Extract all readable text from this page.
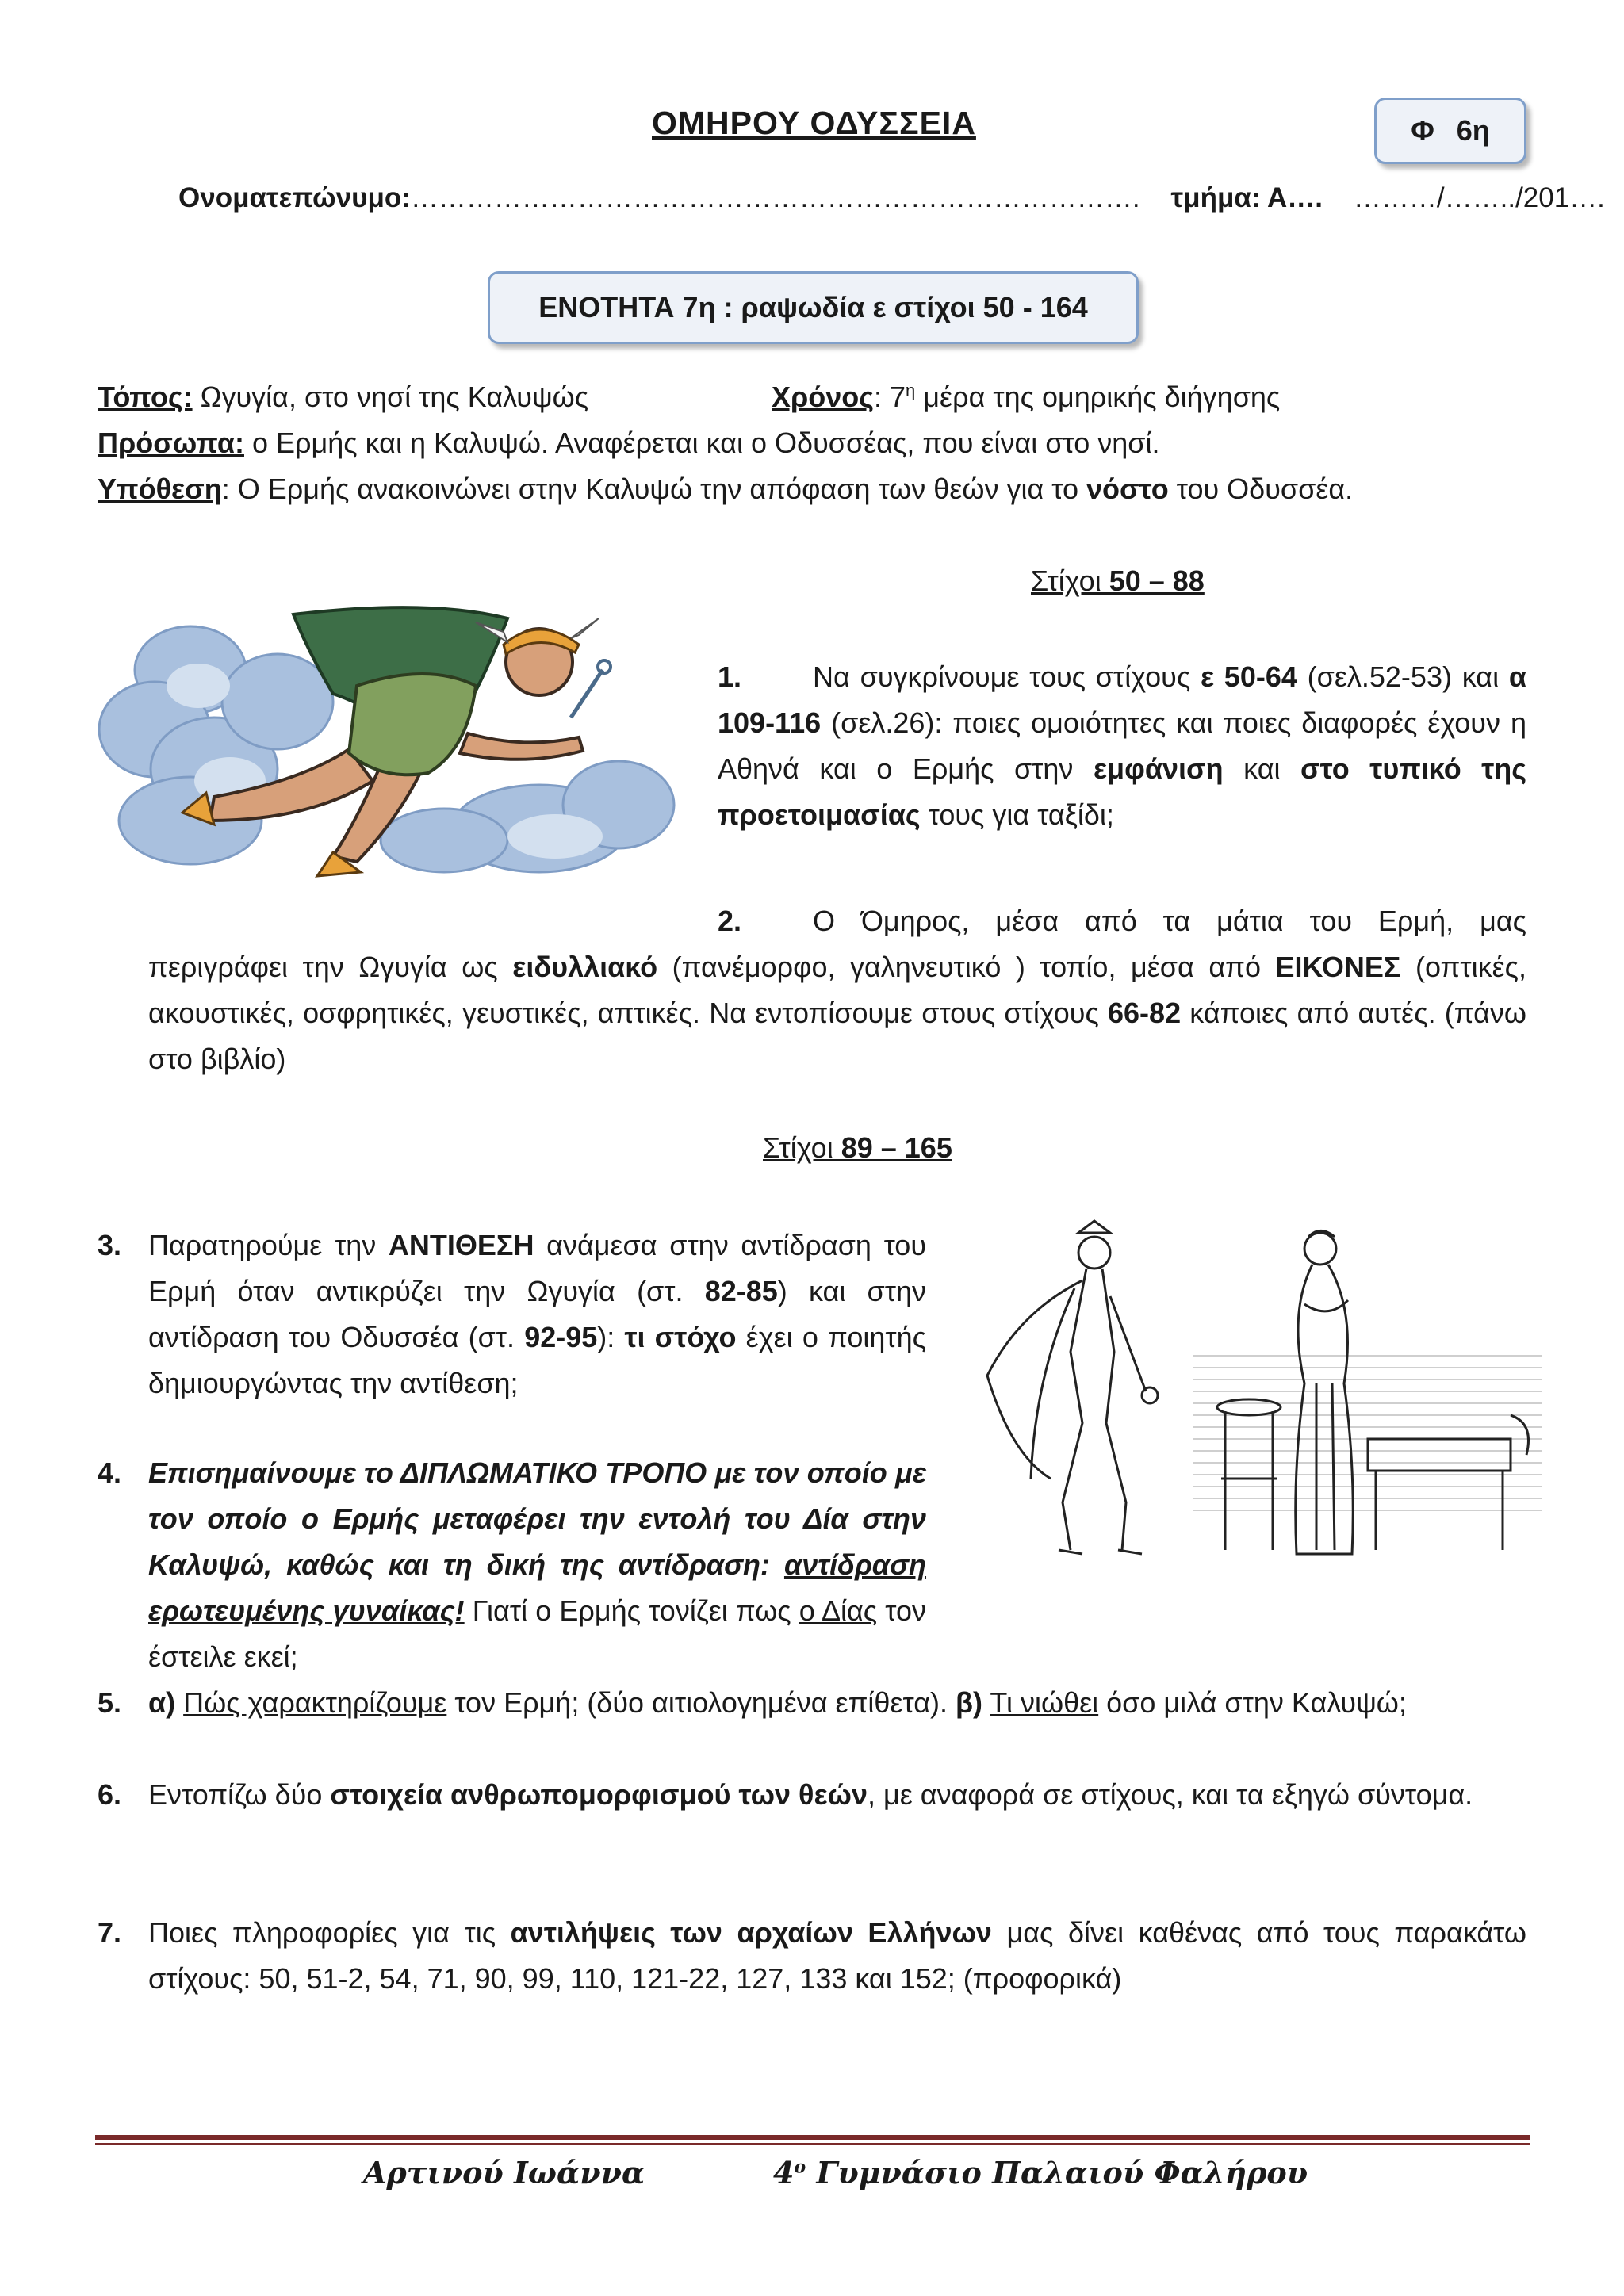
ΟΜΗΡΟΥ ΟΔΥΣΣΕΙΑ	Φ 6η
Ονοματεπώνυμο:……………………………………………………………………. τμήμα: Α…. ………/……../201….
ΕΝΟΤΗΤΑ 7η : ραψωδία ε στίχοι 50 - 164
Τόπος: Ωγυγία, στο νησί της Καλυψώς	Χρόνος: $7^\eta$ μέρα της ομηρικής διήγησης
Πρόσωπα: ο Ερμής και η Καλυψώ. Αναφέρεται και ο Οδυσσέας, που είναι στο νησί.
Υπόθεση: Ο Ερμής ανακοινώνει στην Καλυψώ την απόφαση των θεών για το νόστο του Οδυσσέα.
Στίχοι 50 – 88
1.	Να συγκρίνουμε τους στίχους ε 50-64 (σελ.52-53) και α 109-116 (σελ.26): ποιες ομοιότητες και ποιες διαφορές έχουν η Αθηνά και ο Ερμής στην εμφάνιση και στο τυπικό της προετοιμασίας τους για ταξίδι;
2.	Ο Όμηρος, μέσα από τα μάτια του Ερμή, μας
περιγράφει την Ωγυγία ως ειδυλλιακό (πανέμορφο, γαληνευτικό ) τοπίο, μέσα από ΕΙΚΟΝΕΣ (οπτικές, ακουστικές, οσφρητικές, γευστικές, απτικές. Να εντοπίσουμε στους στίχους 66-82 κάποιες από αυτές. (πάνω στο βιβλίο)
Στίχοι 89 – 165
3. Παρατηρούμε την ΑΝΤΙΘΕΣΗ ανάμεσα στην αντίδραση του Ερμή όταν αντικρύζει την Ωγυγία (στ. 82-85) και στην αντίδραση του Οδυσσέα (στ. 92-95): τι στόχο έχει ο ποιητής δημιουργώντας την αντίθεση;
4. Επισημαίνουμε το ΔΙΠΛΩΜΑΤΙΚΟ ΤΡΟΠΟ με τον οποίο με τον οποίο ο Ερμής μεταφέρει την εντολή του Δία στην Καλυψώ, καθώς και τη δική της αντίδραση: αντίδραση ερωτευμένης γυναίκας! Γιατί ο Ερμής τονίζει πως ο Δίας τον έστειλε εκεί;
5. α) Πώς χαρακτηρίζουμε τον Ερμή; (δύο αιτιολογημένα επίθετα). β) Τι νιώθει όσο μιλά στην Καλυψώ;
6. Εντοπίζω δύο στοιχεία ανθρωπομορφισμού των θεών, με αναφορά σε στίχους, και τα εξηγώ σύντομα.
7. Ποιες πληροφορίες για τις αντιλήψεις των αρχαίων Ελλήνων μας δίνει καθένας από τους παρακάτω στίχους: 50, 51-2, 54, 71, 90, 99, 110, 121-22, 127, 133 και 152; (προφορικά)
Αρτινού Ιωάννα	$4^o$ Γυμνάσιο Παλαιού Φαλήρου
